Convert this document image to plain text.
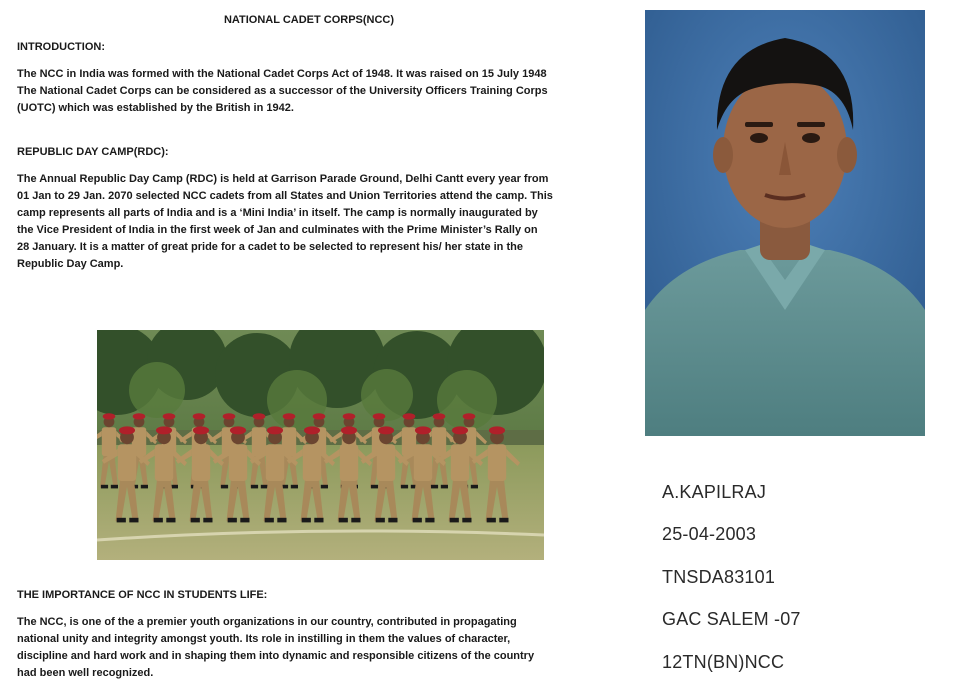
NATIONAL CADET CORPS(NCC)
INTRODUCTION:

The NCC in India was formed with the National Cadet Corps Act of 1948. It was raised on 15 July 1948
The National Cadet Corps can be considered as a successor of the University Officers Training Corps
(UOTC) which was established by the British in 1942.

REPUBLIC DAY CAMP(RDC):

The Annual Republic Day Camp (RDC) is held at Garrison Parade Ground, Delhi Cantt every year from
01 Jan to 29 Jan. 2070 selected NCC cadets from all States and Union Territories attend the camp. This
camp represents all parts of India and is a ‘Mini India’ in itself. The camp is normally inaugurated by
the Vice President of India in the first week of Jan and culminates with the Prime Minister’s Rally on
28 January. It is a matter of great pride for a cadet to be selected to represent his/ her state in the
Republic Day Camp.

A.KAPILRAJ
25-04-2003
TNSDA83101
GAC SALEM -07
12TN(BN)NCC
THE IMPORTANCE OF NCC IN STUDENTS LIFE:

The NCC, is one of the a premier youth organizations in our country, contributed in propagating
national unity and integrity amongst youth. Its role in instilling in them the values of character,
discipline and hard work and in shaping them into dynamic and responsible citizens of the country
had been well recognized.
